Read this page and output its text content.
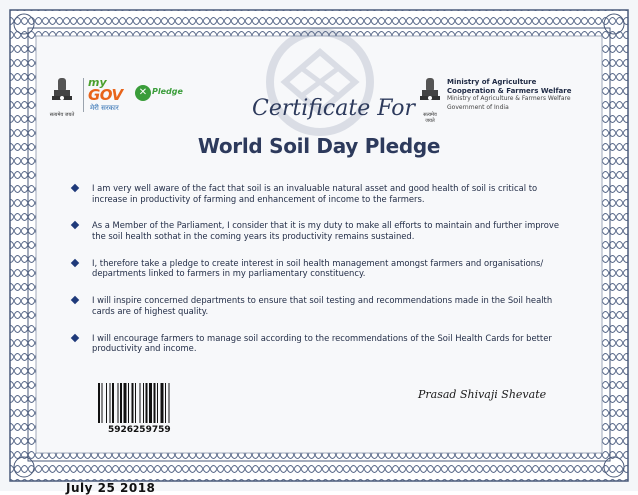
सत्यमेव जयते
my
GOV	✕ Pledge
मेरी सरकार
सत्यमेव जयते
Ministry of Agriculture
Cooperation & Farmers Welfare
Ministry of Agriculture & Farmers Welfare
Government of India
Certificate For
World Soil Day Pledge
I am very well aware of the fact that soil is an invaluable natural asset and good health of soil is critical to increase in productivity of farming and enhancement of income to the farmers.
As a Member of the Parliament, I consider that it is my duty to make all efforts to maintain and further improve the soil health sothat in the coming years its productivity remains sustained.
I, therefore take a pledge to create interest in soil health management amongst farmers and organisations/ departments linked to farmers in my parliamentary constituency.
I will inspire concerned departments to ensure that soil testing and recommendations made in the Soil health cards are of highest quality.
I will encourage farmers to manage soil according to the recommendations of the Soil Health Cards for better productivity and income.
5926259759
Prasad Shivaji Shevate
July 25 2018
